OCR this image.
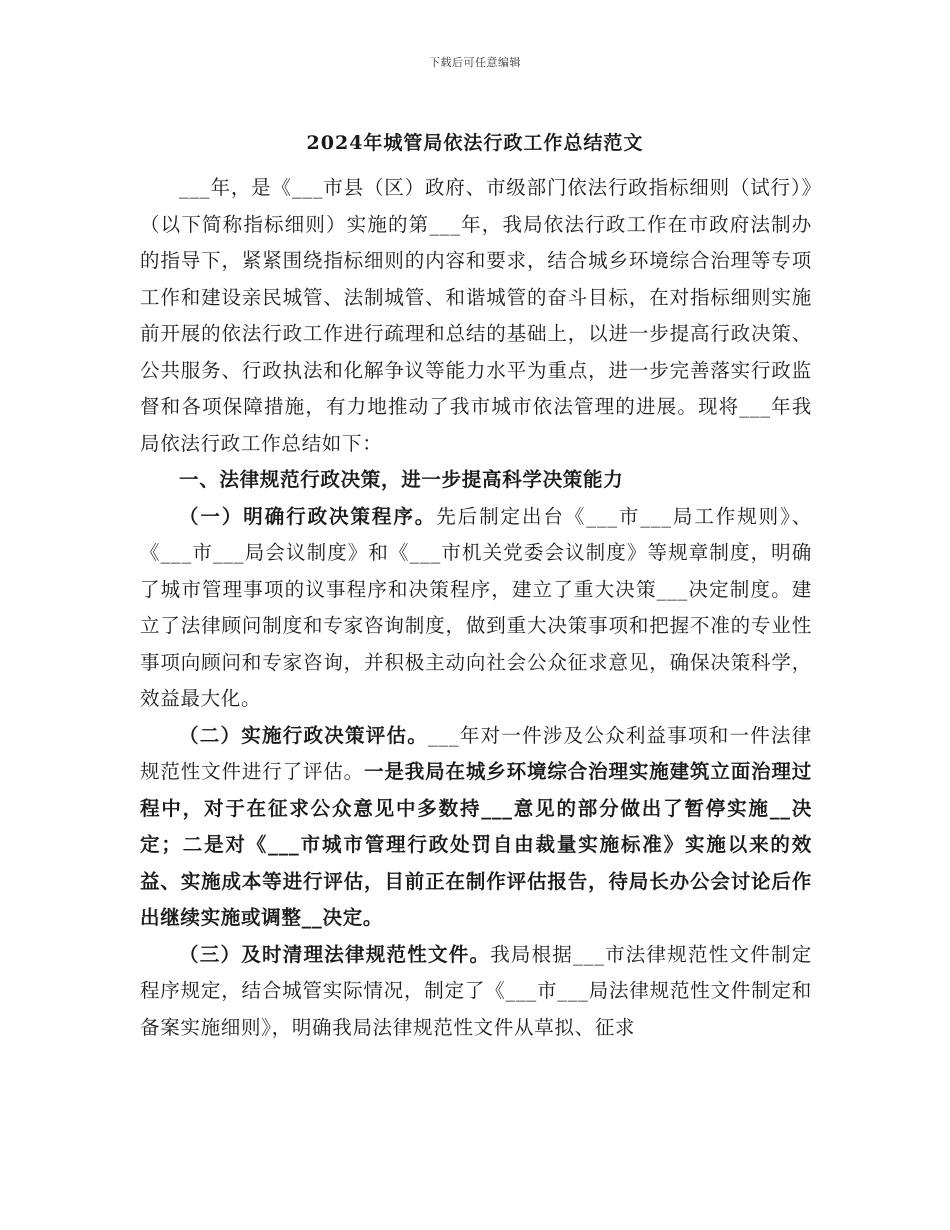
下载后可任意编辑
2024年城管局依法行政工作总结范文

___年，是《___市县（区）政府、市级部门依法行政指标细则（试行）》（以下简称指标细则）实施的第___年，我局依法行政工作在市政府法制办的指导下，紧紧围绕指标细则的内容和要求，结合城乡环境综合治理等专项工作和建设亲民城管、法制城管、和谐城管的奋斗目标，在对指标细则实施前开展的依法行政工作进行疏理和总结的基础上，以进一步提高行政决策、公共服务、行政执法和化解争议等能力水平为重点，进一步完善落实行政监督和各项保障措施，有力地推动了我市城市依法管理的进展。现将___年我局依法行政工作总结如下：

一、法律规范行政决策，进一步提高科学决策能力

（一）明确行政决策程序。先后制定出台《___市___局工作规则》、《___市___局会议制度》和《___市机关党委会议制度》等规章制度，明确了城市管理事项的议事程序和决策程序，建立了重大决策___决定制度。建立了法律顾问制度和专家咨询制度，做到重大决策事项和把握不准的专业性事项向顾问和专家咨询，并积极主动向社会公众征求意见，确保决策科学，效益最大化。

（二）实施行政决策评估。___年对一件涉及公众利益事项和一件法律规范性文件进行了评估。一是我局在城乡环境综合治理实施建筑立面治理过程中，对于在征求公众意见中多数持___意见的部分做出了暂停实施__决定；二是对《___市城市管理行政处罚自由裁量实施标准》实施以来的效益、实施成本等进行评估，目前正在制作评估报告，待局长办公会讨论后作出继续实施或调整__决定。

（三）及时清理法律规范性文件。我局根据___市法律规范性文件制定程序规定，结合城管实际情况，制定了《___市___局法律规范性文件制定和备案实施细则》，明确我局法律规范性文件从草拟、征求
